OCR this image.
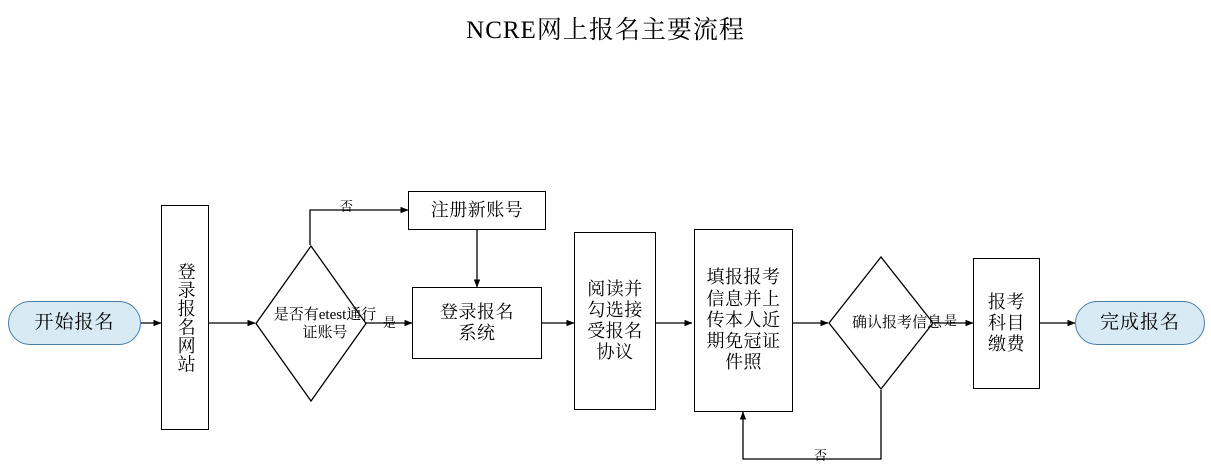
NCRE网上报名主要流程
开始报名	登录报名网站	是否有etest通行证账号
注册新账号
登录报名系统
阅读并勾选接受报名协议
填报报考信息并上传本人近期免冠证件照
确认报考信息
报考科目缴费
完成报名
否
是	是
否
